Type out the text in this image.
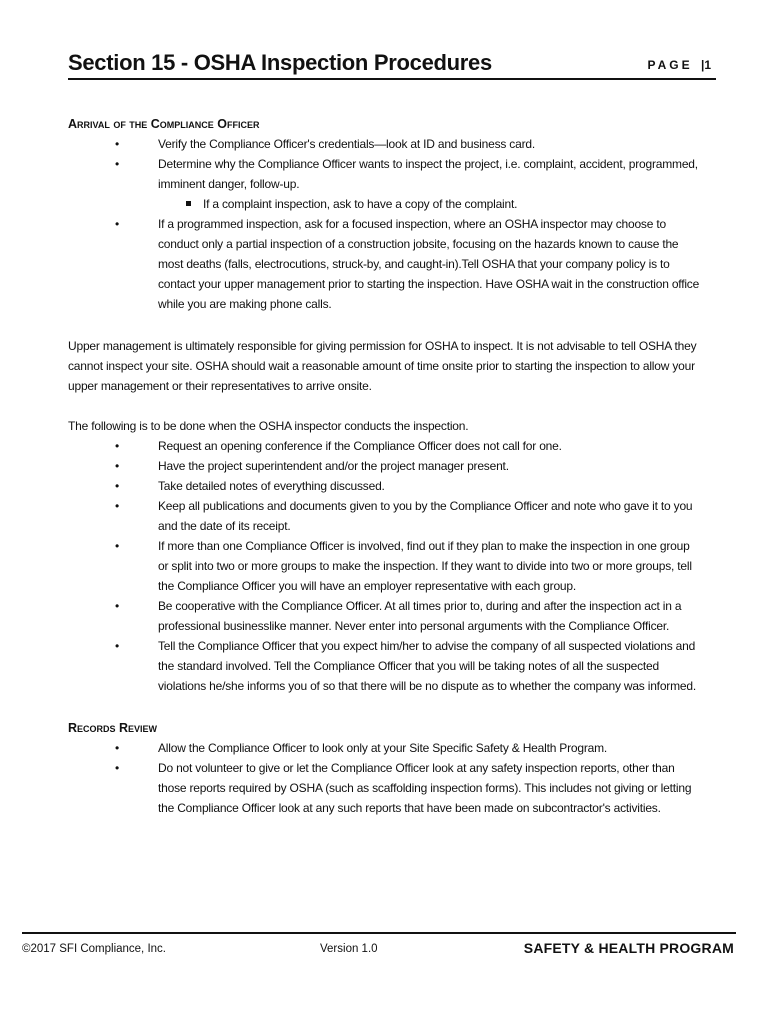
Section 15 - OSHA Inspection Procedures	PAGE |1
Arrival of the Compliance Officer
•	Verify the Compliance Officer's credentials—look at ID and business card.
•	Determine why the Compliance Officer wants to inspect the project, i.e. complaint, accident, programmed, imminent danger, follow-up.
If a complaint inspection, ask to have a copy of the complaint.
•	If a programmed inspection, ask for a focused inspection, where an OSHA inspector may choose to conduct only a partial inspection of a construction jobsite, focusing on the hazards known to cause the most deaths (falls, electrocutions, struck-by, and caught-in).Tell OSHA that your company policy is to contact your upper management prior to starting the inspection. Have OSHA wait in the construction office while you are making phone calls.

Upper management is ultimately responsible for giving permission for OSHA to inspect. It is not advisable to tell OSHA they cannot inspect your site. OSHA should wait a reasonable amount of time onsite prior to starting the inspection to allow your upper management or their representatives to arrive onsite.

The following is to be done when the OSHA inspector conducts the inspection.

•	Request an opening conference if the Compliance Officer does not call for one.
•	Have the project superintendent and/or the project manager present.
•	Take detailed notes of everything discussed.
•	Keep all publications and documents given to you by the Compliance Officer and note who gave it to you and the date of its receipt.
•	If more than one Compliance Officer is involved, find out if they plan to make the inspection in one group or split into two or more groups to make the inspection. If they want to divide into two or more groups, tell the Compliance Officer you will have an employer representative with each group.
•	Be cooperative with the Compliance Officer. At all times prior to, during and after the inspection act in a professional businesslike manner. Never enter into personal arguments with the Compliance Officer.
•	Tell the Compliance Officer that you expect him/her to advise the company of all suspected violations and the standard involved. Tell the Compliance Officer that you will be taking notes of all the suspected violations he/she informs you of so that there will be no dispute as to whether the company was informed.
Records Review
•	Allow the Compliance Officer to look only at your Site Specific Safety & Health Program.
•	Do not volunteer to give or let the Compliance Officer look at any safety inspection reports, other than those reports required by OSHA (such as scaffolding inspection forms). This includes not giving or letting the Compliance Officer look at any such reports that have been made on subcontractor's activities.
©2017 SFI Compliance, Inc.	Version 1.0	SAFETY & HEALTH PROGRAM
